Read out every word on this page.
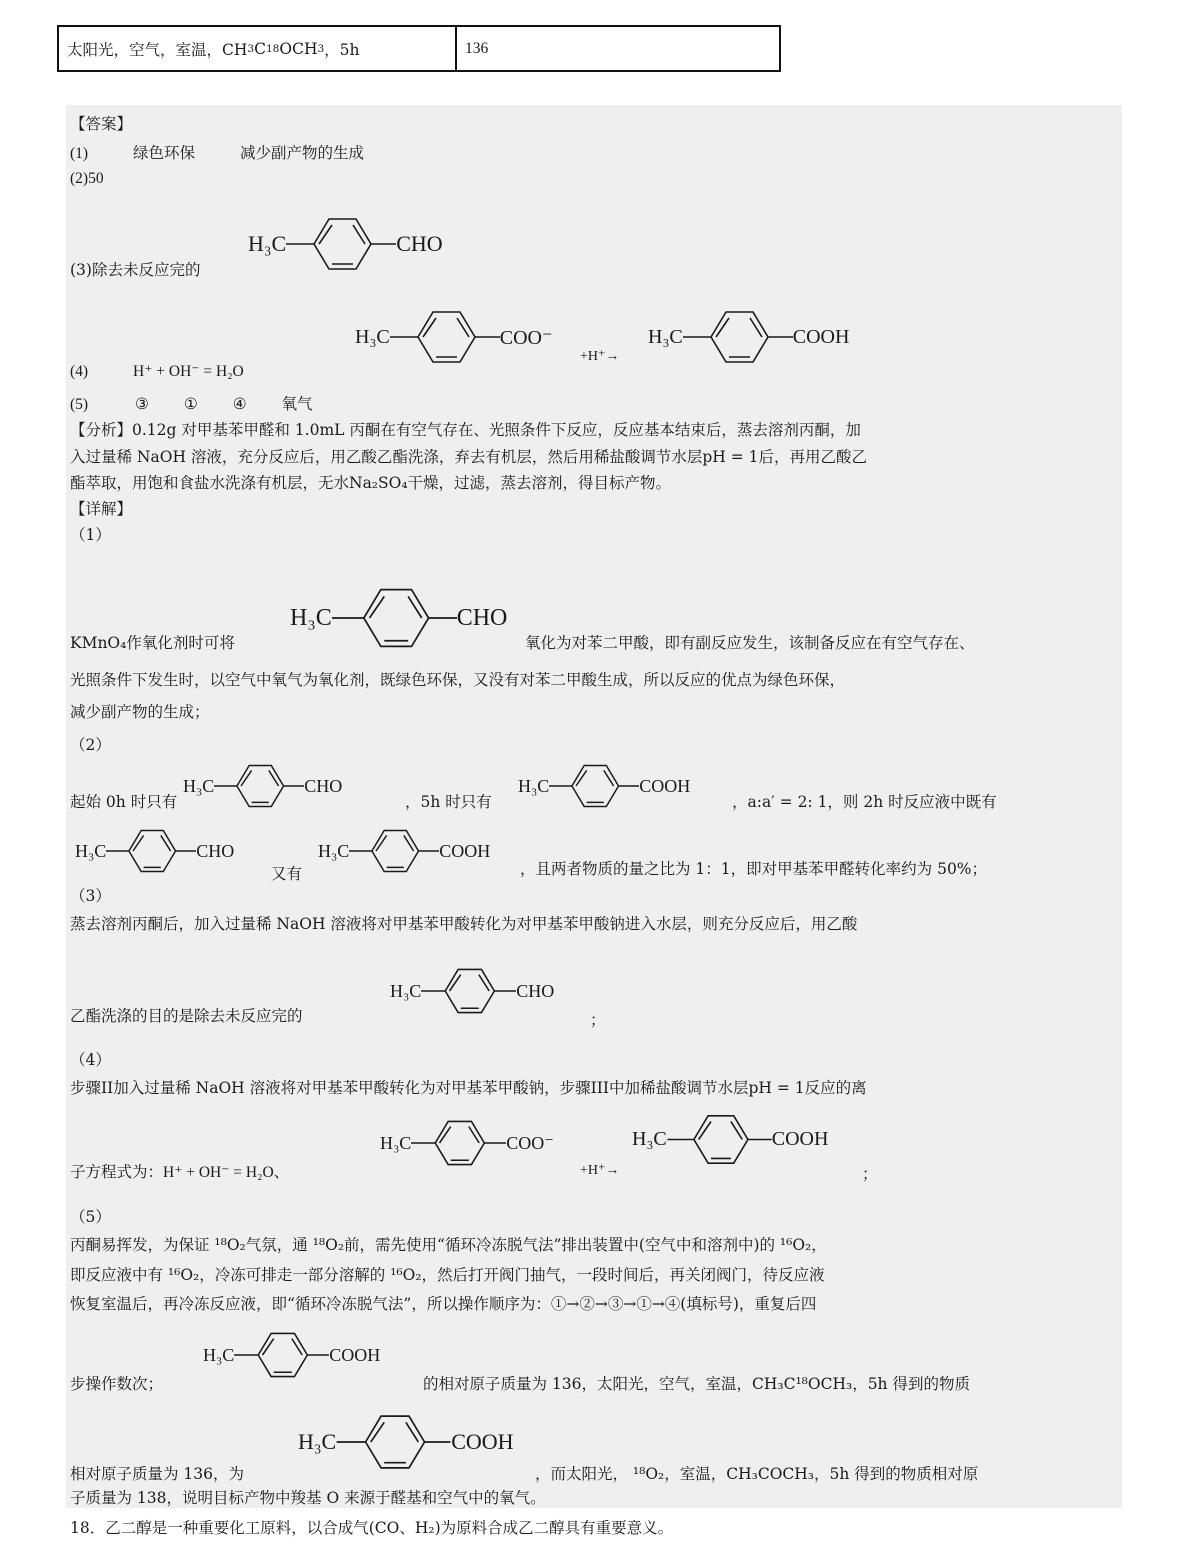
太阳光，空气，室温，CH 3 C 18 OCH 3 ，5h	136
【答案】
(1)	绿色环保	减少副产物的生成
(2)50
(3)除去未反应完的
H₃C	CHO
(4)	H⁺ + OH⁻ = H₂O
H₃C	COO⁻
+H⁺→
H₃C	COOH
(5)	③ ① ④ 氧气
【分析】0.12g 对甲基苯甲醛和 1.0mL 丙酮在有空气存在、光照条件下反应，反应基本结束后，蒸去溶剂丙酮，加
入过量稀 NaOH 溶液，充分反应后，用乙酸乙酯洗涤，弃去有机层，然后用稀盐酸调节水层pH = 1后，再用乙酸乙
酯萃取，用饱和食盐水洗涤有机层，无水Na₂SO₄干燥，过滤，蒸去溶剂，得目标产物。
【详解】
（1）
KMnO₄作氧化剂时可将
H₃C	CHO
氧化为对苯二甲酸，即有副反应发生，该制备反应在有空气存在、
光照条件下发生时，以空气中氧气为氧化剂，既绿色环保，又没有对苯二甲酸生成，所以反应的优点为绿色环保，
减少副产物的生成；
（2）
起始 0h 时只有
H₃C	CHO
，5h 时只有
H₃C	COOH
，a:a′ = 2: 1，则 2h 时反应液中既有
H₃C	CHO
又有
H₃C	COOH
，且两者物质的量之比为 1：1，即对甲基苯甲醛转化率约为 50%；
（3）
蒸去溶剂丙酮后，加入过量稀 NaOH 溶液将对甲基苯甲酸转化为对甲基苯甲酸钠进入水层，则充分反应后，用乙酸
乙酯洗涤的目的是除去未反应完的
H₃C	CHO
；
（4）
步骤II加入过量稀 NaOH 溶液将对甲基苯甲酸转化为对甲基苯甲酸钠，步骤III中加稀盐酸调节水层pH = 1反应的离
子方程式为：H⁺ + OH⁻ = H₂O、
H₃C	COO⁻
+H⁺→
H₃C	COOH
；
（5）
丙酮易挥发，为保证 ¹⁸O₂气氛，通 ¹⁸O₂前，需先使用“循环冷冻脱气法”排出装置中(空气中和溶剂中)的 ¹⁶O₂，
即反应液中有 ¹⁶O₂，冷冻可排走一部分溶解的 ¹⁶O₂，然后打开阀门抽气，一段时间后，再关闭阀门，待反应液
恢复室温后，再冷冻反应液，即“循环冷冻脱气法”，所以操作顺序为：①→②→③→①→④(填标号)，重复后四
步操作数次；
H₃C	COOH
的相对原子质量为 136，太阳光，空气，室温，CH₃C¹⁸OCH₃，5h 得到的物质
相对原子质量为 136，为
H₃C	COOH
，而太阳光， ¹⁸O₂，室温，CH₃COCH₃，5h 得到的物质相对原
子质量为 138，说明目标产物中羧基 O 来源于醛基和空气中的氧气。
18．乙二醇是一种重要化工原料，以合成气(CO、H₂)为原料合成乙二醇具有重要意义。
